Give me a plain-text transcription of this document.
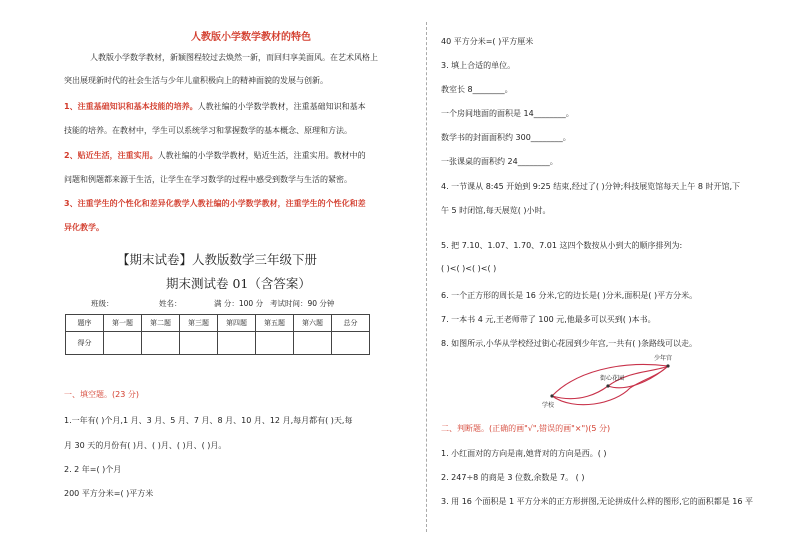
人教版小学数学教材的特色
人教版小学数学教材，新颖图程较过去焕然一新，而回归享美面风。在艺术风格上
突出展现新时代的社会生活与少年儿童积极向上的精神面貌的发展与创新。
1、注重基础知识和基本技能的培养。人教社编的小学数学教材，注重基础知识和基本
技能的培养。在教材中，学生可以系统学习和掌握数学的基本概念、原理和方法。
2、贴近生活，注重实用。人教社编的小学数学教材，贴近生活，注重实用。教材中的
问题和例题都来源于生活，让学生在学习数学的过程中感受到数学与生活的紧密。
3、注重学生的个性化和差异化教学人教社编的小学数学教材，注重学生的个性化和差
异化教学。
【期末试卷】人教版数学三年级下册
期末测试卷 01（含答案）
班级：	姓名：	满 分：100 分 考试时间：90 分钟
题序	第一题	第二题	第三题	第四题	第五题	第六题	总分
得分							
一、填空题。(23 分)
1.一年有( )个月,1 月、3 月、5 月、7 月、8 月、10 月、12 月,每月都有( )天,每
月 30 天的月份有( )月、( )月、( )月、( )月。
2. 2 年=( )个月
200 平方分米=( )平方米
40 平方分米=( )平方厘米
3. 填上合适的单位。
教室长 8________。
一个房间地面的面积是 14________。
数学书的封面面积约 300________。
一张课桌的面积约 24________。
4. 一节课从 8:45 开始到 9:25 结束,经过了( )分钟;科技展览馆每天上午 8 时开馆,下
午 5 时闭馆,每天展览( )小时。
5. 把 7.10、1.07、1.70、7.01 这四个数按从小到大的顺序排列为:
( )<( )<( )<( )
6. 一个正方形的周长是 16 分米,它的边长是( )分米,面积是( )平方分米。
7. 一本书 4 元,王老师带了 100 元,他最多可以买到( )本书。
8. 如图所示,小华从学校经过街心花园到少年宫,一共有( )条路线可以走。
少年宫
街心花园
学校
二、判断题。(正确的画"√",错误的画"×")(5 分)
1. 小红面对的方向是南,她背对的方向是西。( )
2. 247÷8 的商是 3 位数,余数是 7。 ( )
3. 用 16 个面积是 1 平方分米的正方形拼图,无论拼成什么样的图形,它的面积都是 16 平
